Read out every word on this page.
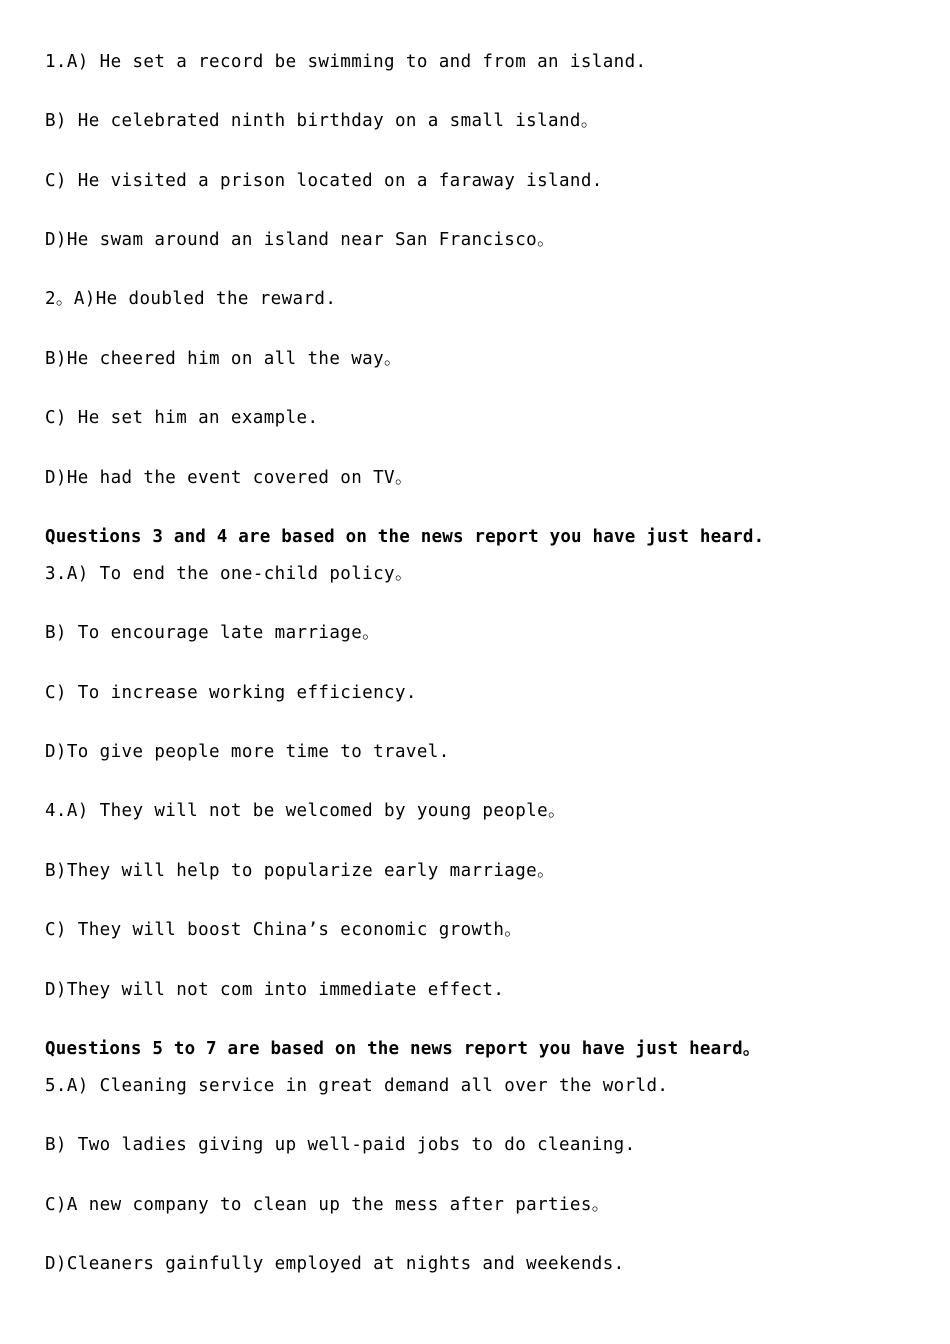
1.A) He set a record be swimming to and from an island.
B) He celebrated ninth birthday on a small island。
C) He visited a prison located on a faraway island.
D)He swam around an island near San Francisco。
2。A)He doubled the reward.
B)He cheered him on all the way。
C) He set him an example.
D)He had the event covered on TV。
Questions 3 and 4 are based on the news report you have just heard.
3.A) To end the one-child policy。
B) To encourage late marriage。
C) To increase working efficiency.
D)To give people more time to travel.
4.A) They will not be welcomed by young people。
B)They will help to popularize early marriage。
C) They will boost China’s economic growth。
D)They will not com into immediate effect.
Questions 5 to 7 are based on the news report you have just heard。
5.A) Cleaning service in great demand all over the world.
B) Two ladies giving up well-paid jobs to do cleaning.
C)A new company to clean up the mess after parties。
D)Cleaners gainfully employed at nights and weekends.
